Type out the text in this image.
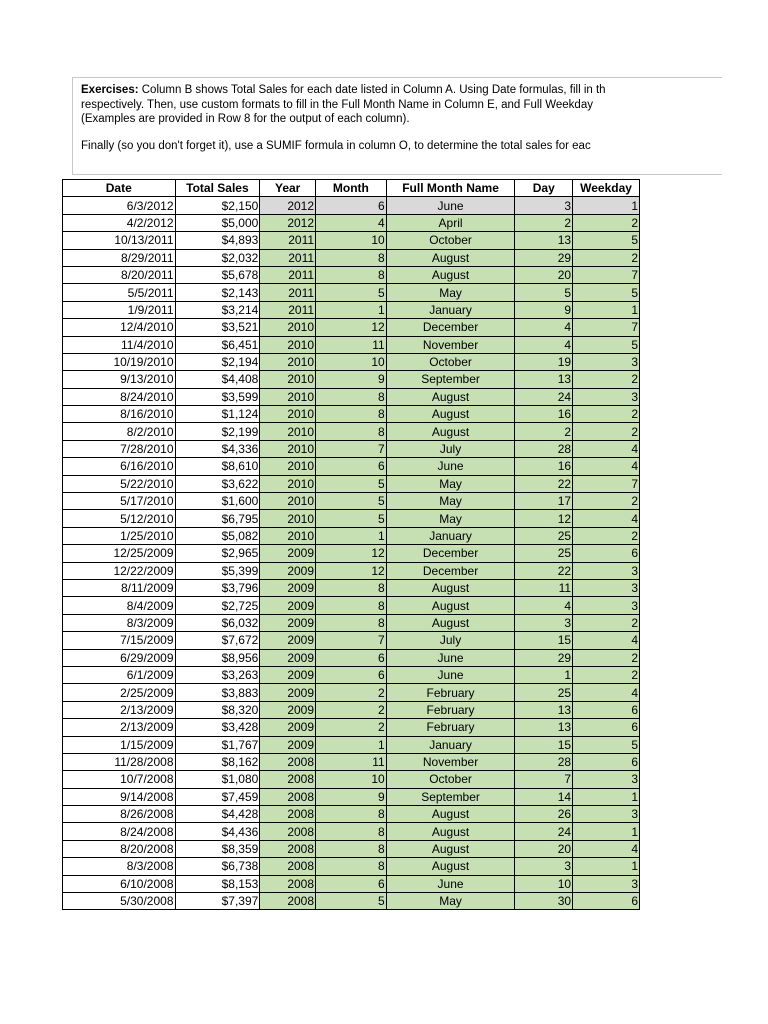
Exercises: Column B shows Total Sales for each date listed in Column A. Using Date formulas, fill in th
respectively. Then, use custom formats to fill in the Full Month Name in Column E, and Full Weekday
(Examples are provided in Row 8 for the output of each column).
Finally (so you don't forget it), use a SUMIF formula in column O, to determine the total sales for eac
Date	Total Sales	Year	Month	Full Month Name	Day	Weekday
6/3/2012	$2,150	2012	6	June	3	1
4/2/2012	$5,000	2012	4	April	2	2
10/13/2011	$4,893	2011	10	October	13	5
8/29/2011	$2,032	2011	8	August	29	2
8/20/2011	$5,678	2011	8	August	20	7
5/5/2011	$2,143	2011	5	May	5	5
1/9/2011	$3,214	2011	1	January	9	1
12/4/2010	$3,521	2010	12	December	4	7
11/4/2010	$6,451	2010	11	November	4	5
10/19/2010	$2,194	2010	10	October	19	3
9/13/2010	$4,408	2010	9	September	13	2
8/24/2010	$3,599	2010	8	August	24	3
8/16/2010	$1,124	2010	8	August	16	2
8/2/2010	$2,199	2010	8	August	2	2
7/28/2010	$4,336	2010	7	July	28	4
6/16/2010	$8,610	2010	6	June	16	4
5/22/2010	$3,622	2010	5	May	22	7
5/17/2010	$1,600	2010	5	May	17	2
5/12/2010	$6,795	2010	5	May	12	4
1/25/2010	$5,082	2010	1	January	25	2
12/25/2009	$2,965	2009	12	December	25	6
12/22/2009	$5,399	2009	12	December	22	3
8/11/2009	$3,796	2009	8	August	11	3
8/4/2009	$2,725	2009	8	August	4	3
8/3/2009	$6,032	2009	8	August	3	2
7/15/2009	$7,672	2009	7	July	15	4
6/29/2009	$8,956	2009	6	June	29	2
6/1/2009	$3,263	2009	6	June	1	2
2/25/2009	$3,883	2009	2	February	25	4
2/13/2009	$8,320	2009	2	February	13	6
2/13/2009	$3,428	2009	2	February	13	6
1/15/2009	$1,767	2009	1	January	15	5
11/28/2008	$8,162	2008	11	November	28	6
10/7/2008	$1,080	2008	10	October	7	3
9/14/2008	$7,459	2008	9	September	14	1
8/26/2008	$4,428	2008	8	August	26	3
8/24/2008	$4,436	2008	8	August	24	1
8/20/2008	$8,359	2008	8	August	20	4
8/3/2008	$6,738	2008	8	August	3	1
6/10/2008	$8,153	2008	6	June	10	3
5/30/2008	$7,397	2008	5	May	30	6
